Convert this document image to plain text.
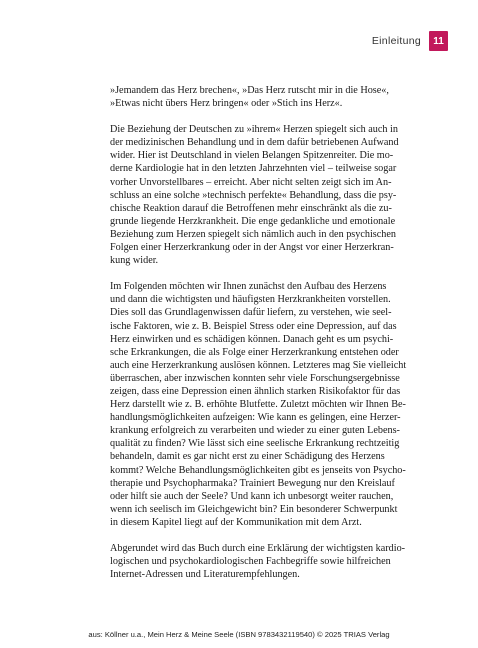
Einleitung	11

»Jemandem das Herz brechen«, »Das Herz rutscht mir in die Hose«,
»Etwas nicht übers Herz bringen« oder »Stich ins Herz«.

Die Beziehung der Deutschen zu »ihrem« Herzen spiegelt sich auch in
der medizinischen Behandlung und in dem dafür betriebenen Aufwand
wider. Hier ist Deutschland in vielen Belangen Spitzenreiter. Die mo-
derne Kardiologie hat in den letzten Jahrzehnten viel – teilweise sogar
vorher Unvorstellbares – erreicht. Aber nicht selten zeigt sich im An-
schluss an eine solche »technisch perfekte« Behandlung, dass die psy-
chische Reaktion darauf die Betroffenen mehr einschränkt als die zu-
grunde liegende Herzkrankheit. Die enge gedankliche und emotionale
Beziehung zum Herzen spiegelt sich nämlich auch in den psychischen
Folgen einer Herzerkrankung oder in der Angst vor einer Herzerkran-
kung wider.

Im Folgenden möchten wir Ihnen zunächst den Aufbau des Herzens
und dann die wichtigsten und häufigsten Herzkrankheiten vorstellen.
Dies soll das Grundlagenwissen dafür liefern, zu verstehen, wie seel-
ische Faktoren, wie z. B. Beispiel Stress oder eine Depression, auf das
Herz einwirken und es schädigen können. Danach geht es um psychi-
sche Erkrankungen, die als Folge einer Herzerkrankung entstehen oder
auch eine Herzerkrankung auslösen können. Letzteres mag Sie vielleicht
überraschen, aber inzwischen konnten sehr viele Forschungsergebnisse
zeigen, dass eine Depression einen ähnlich starken Risikofaktor für das
Herz darstellt wie z. B. erhöhte Blutfette. Zuletzt möchten wir Ihnen Be-
handlungsmöglichkeiten aufzeigen: Wie kann es gelingen, eine Herzer-
krankung erfolgreich zu verarbeiten und wieder zu einer guten Lebens-
qualität zu finden? Wie lässt sich eine seelische Erkrankung rechtzeitig
behandeln, damit es gar nicht erst zu einer Schädigung des Herzens
kommt? Welche Behandlungsmöglichkeiten gibt es jenseits von Psycho-
therapie und Psychopharmaka? Trainiert Bewegung nur den Kreislauf
oder hilft sie auch der Seele? Und kann ich unbesorgt weiter rauchen,
wenn ich seelisch im Gleichgewicht bin? Ein besonderer Schwerpunkt
in diesem Kapitel liegt auf der Kommunikation mit dem Arzt.

Abgerundet wird das Buch durch eine Erklärung der wichtigsten kardio-
logischen und psychokardiologischen Fachbegriffe sowie hilfreichen
Internet-Adressen und Literaturempfehlungen.

aus: Köllner u.a., Mein Herz & Meine Seele (ISBN 9783432119540) © 2025 TRIAS Verlag
